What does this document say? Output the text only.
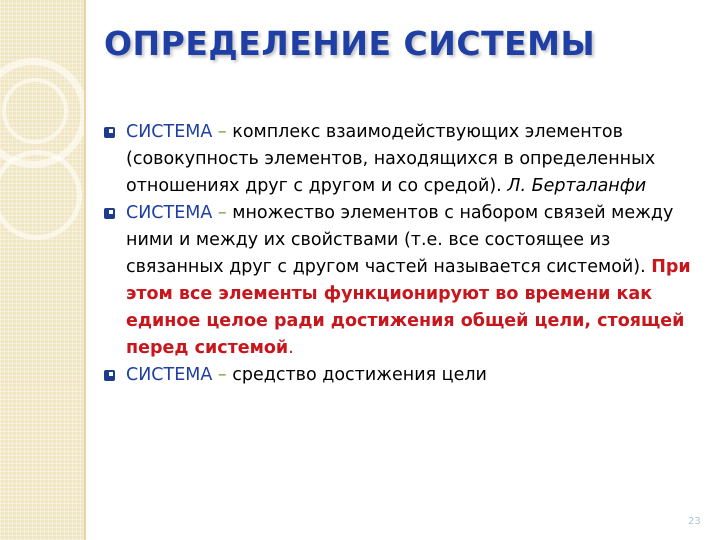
ОПРЕДЕЛЕНИЕ СИСТЕМЫ
СИСТЕМА – комплекс взаимодействующих элементов (совокупность элементов, находящихся в определенных отношениях друг с другом и со средой). Л. Берталанфи
СИСТЕМА – множество элементов с набором связей между ними и между их свойствами (т.е. все состоящее из связанных друг с другом частей называется системой). При этом все элементы функционируют во времени как единое целое ради достижения общей цели, стоящей перед системой.
СИСТЕМА – средство достижения цели
23
